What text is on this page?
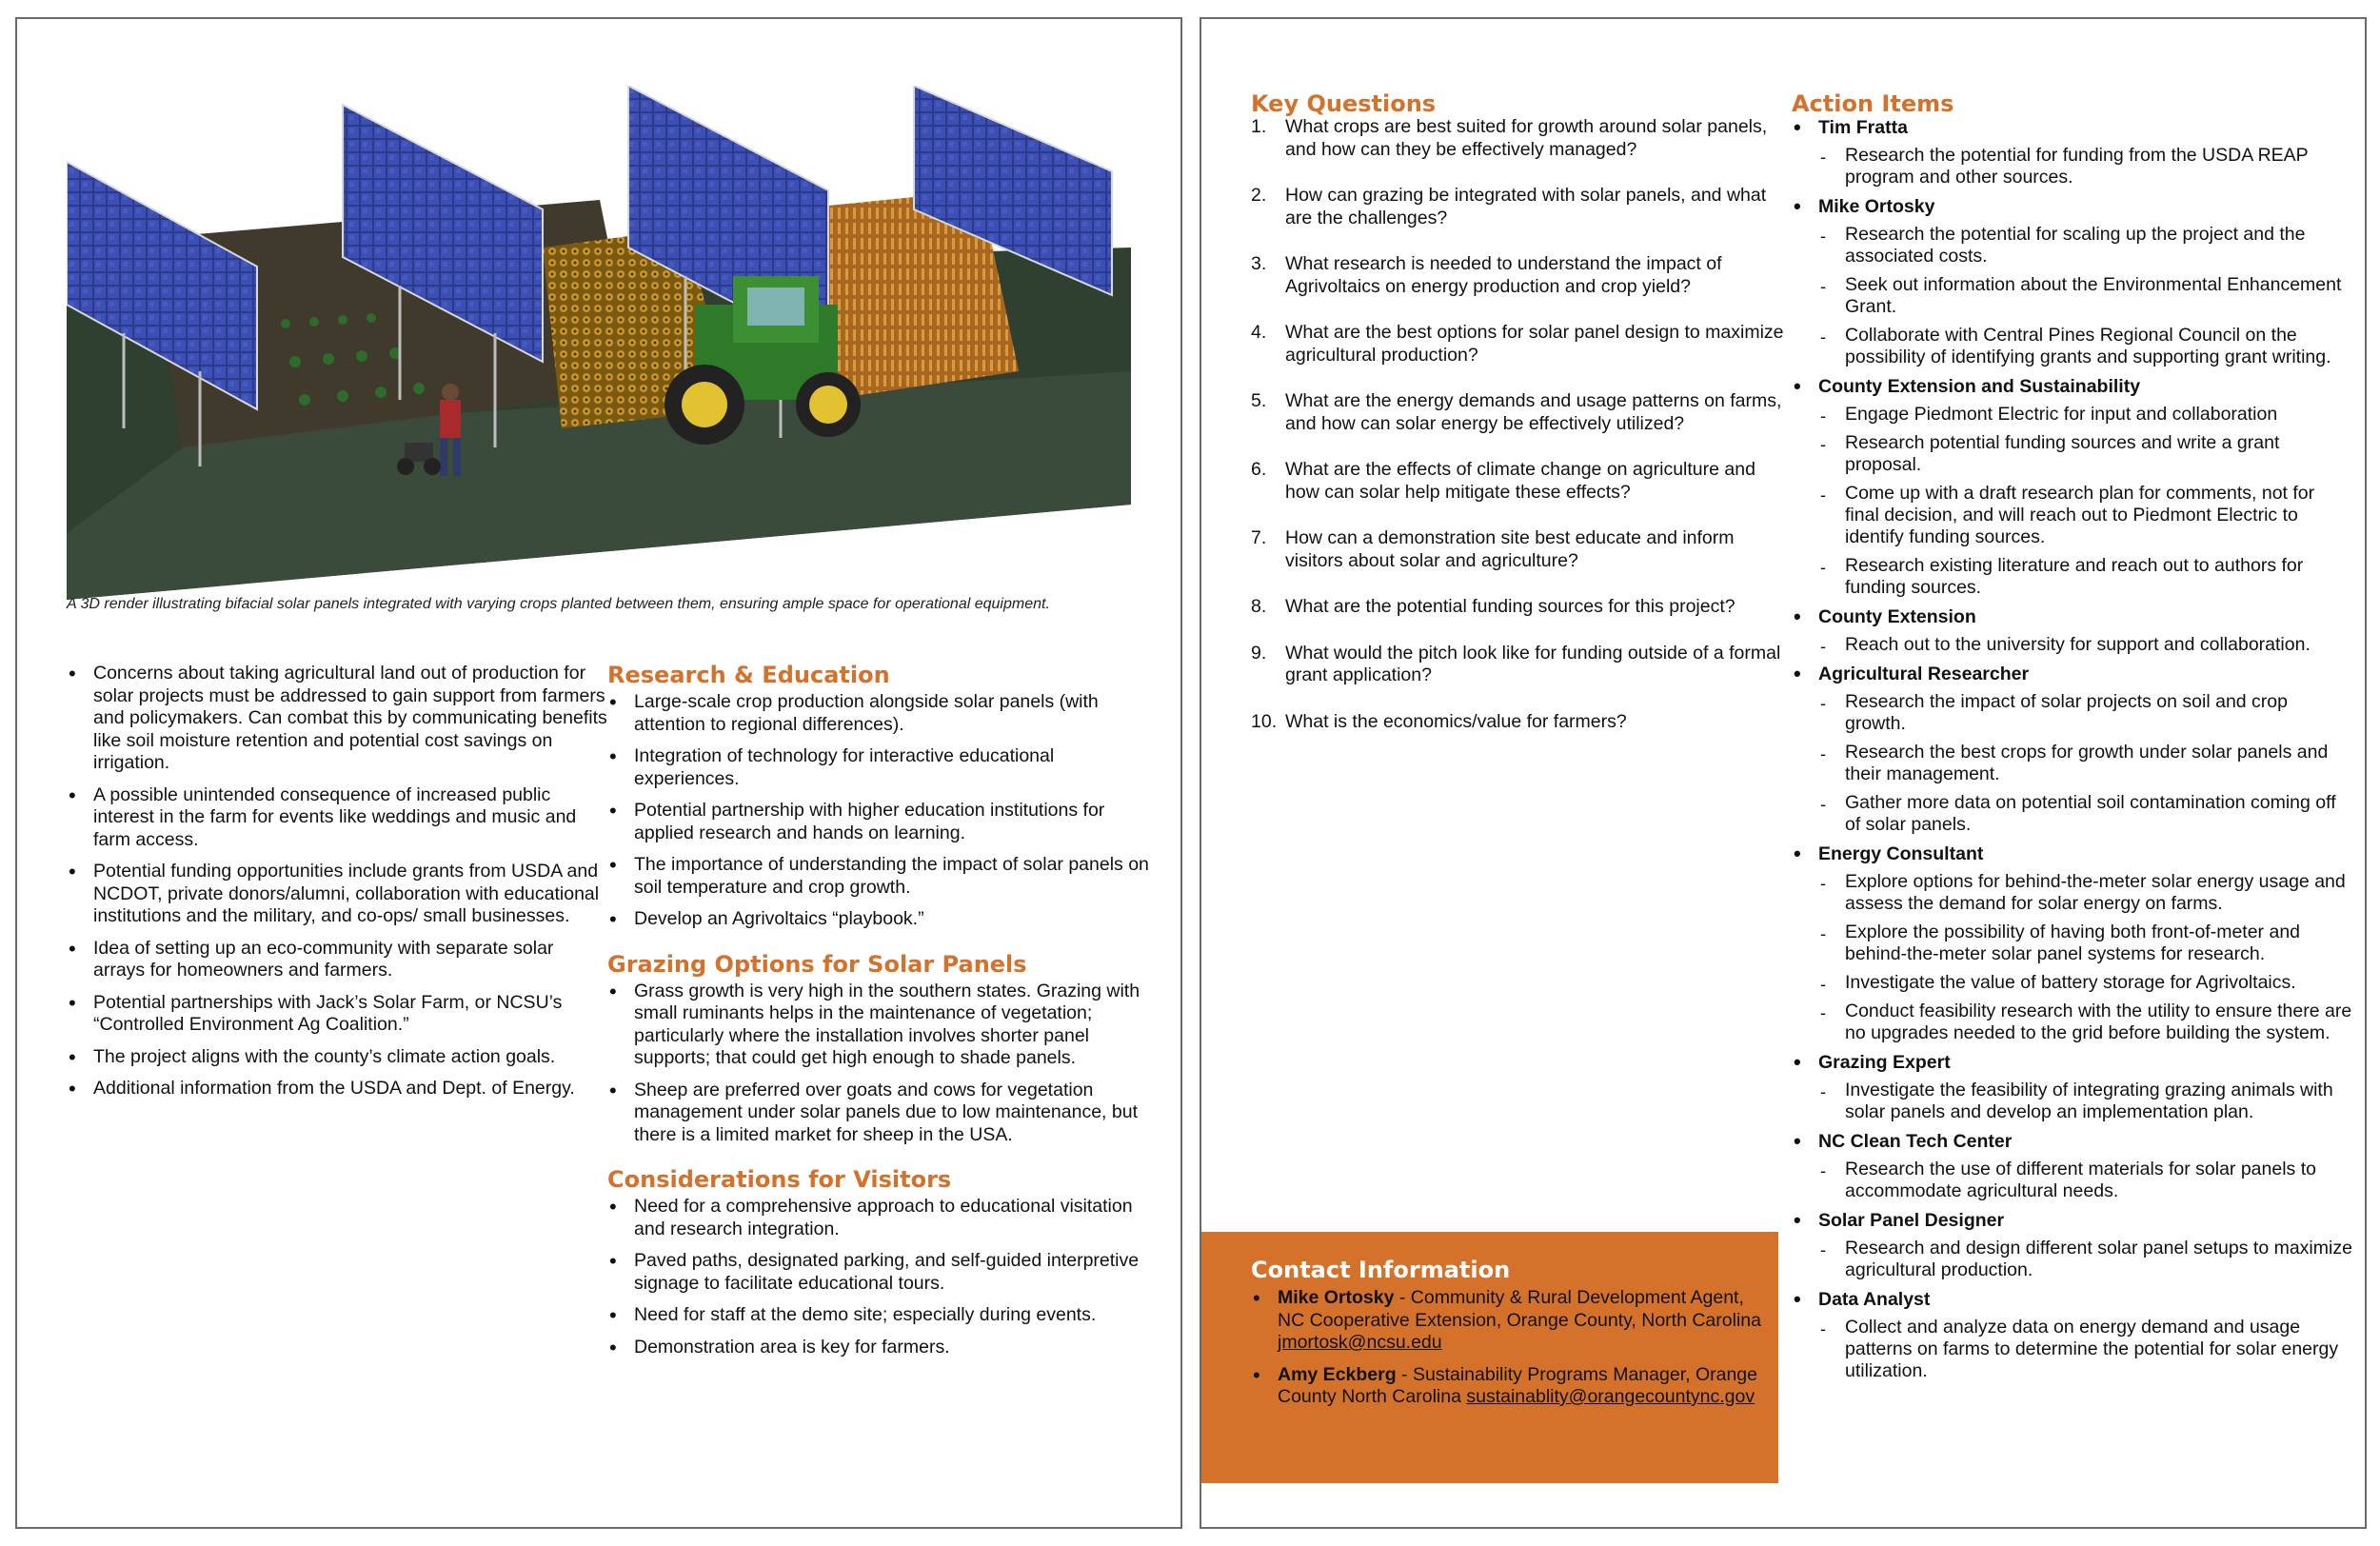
A 3D render illustrating bifacial solar panels integrated with varying crops planted between them, ensuring ample space for operational equipment.
• Concerns about taking agricultural land out of production for solar projects must be addressed to gain support from farmers and policymakers. Can combat this by communicating benefits like soil moisture retention and potential cost savings on irrigation.
• A possible unintended consequence of increased public interest in the farm for events like weddings and music and farm access.
• Potential funding opportunities include grants from USDA and NCDOT, private donors/alumni, collaboration with educational institutions and the military, and co-ops/ small businesses.
• Idea of setting up an eco-community with separate solar arrays for homeowners and farmers.
• Potential partnerships with Jack’s Solar Farm, or NCSU’s “Controlled Environment Ag Coalition.”
• The project aligns with the county’s climate action goals.
• Additional information from the USDA and Dept. of Energy.
Research & Education
• Large-scale crop production alongside solar panels (with attention to regional differences).
• Integration of technology for interactive educational experiences.
• Potential partnership with higher education institutions for applied research and hands on learning.
• The importance of understanding the impact of solar panels on soil temperature and crop growth.
• Develop an Agrivoltaics “playbook.”
Grazing Options for Solar Panels
• Grass growth is very high in the southern states. Grazing with small ruminants helps in the maintenance of vegetation; particularly where the installation involves shorter panel supports; that could get high enough to shade panels.
• Sheep are preferred over goats and cows for vegetation management under solar panels due to low maintenance, but there is a limited market for sheep in the USA.
Considerations for Visitors
• Need for a comprehensive approach to educational visitation and research integration.
• Paved paths, designated parking, and self-guided interpretive signage to facilitate educational tours.
• Need for staff at the demo site; especially during events.
• Demonstration area is key for farmers.
Key Questions
1. What crops are best suited for growth around solar panels, and how can they be effectively managed?
2. How can grazing be integrated with solar panels, and what are the challenges?
3. What research is needed to understand the impact of Agrivoltaics on energy production and crop yield?
4. What are the best options for solar panel design to maximize agricultural production?
5. What are the energy demands and usage patterns on farms, and how can solar energy be effectively utilized?
6. What are the effects of climate change on agriculture and how can solar help mitigate these effects?
7. How can a demonstration site best educate and inform visitors about solar and agriculture?
8. What are the potential funding sources for this project?
9. What would the pitch look like for funding outside of a formal grant application?
10. What is the economics/value for farmers?
Contact Information
• Mike Ortosky - Community & Rural Development Agent, NC Cooperative Extension, Orange County, North Carolina jmortosk@ncsu.edu
• Amy Eckberg - Sustainability Programs Manager, Orange County North Carolina sustainablity@orangecountync.gov
Action Items
• Tim Fratta
- Research the potential for funding from the USDA REAP program and other sources.
• Mike Ortosky
- Research the potential for scaling up the project and the associated costs.
- Seek out information about the Environmental Enhancement Grant.
- Collaborate with Central Pines Regional Council on the possibility of identifying grants and supporting grant writing.
• County Extension and Sustainability
- Engage Piedmont Electric for input and collaboration
- Research potential funding sources and write a grant proposal.
- Come up with a draft research plan for comments, not for final decision, and will reach out to Piedmont Electric to identify funding sources.
- Research existing literature and reach out to authors for funding sources.
• County Extension
- Reach out to the university for support and collaboration.
• Agricultural Researcher
- Research the impact of solar projects on soil and crop growth.
- Research the best crops for growth under solar panels and their management.
- Gather more data on potential soil contamination coming off of solar panels.
• Energy Consultant
- Explore options for behind-the-meter solar energy usage and assess the demand for solar energy on farms.
- Explore the possibility of having both front-of-meter and behind-the-meter solar panel systems for research.
- Investigate the value of battery storage for Agrivoltaics.
- Conduct feasibility research with the utility to ensure there are no upgrades needed to the grid before building the system.
• Grazing Expert
- Investigate the feasibility of integrating grazing animals with solar panels and develop an implementation plan.
• NC Clean Tech Center
- Research the use of different materials for solar panels to accommodate agricultural needs.
• Solar Panel Designer
- Research and design different solar panel setups to maximize agricultural production.
• Data Analyst
- Collect and analyze data on energy demand and usage patterns on farms to determine the potential for solar energy utilization.
